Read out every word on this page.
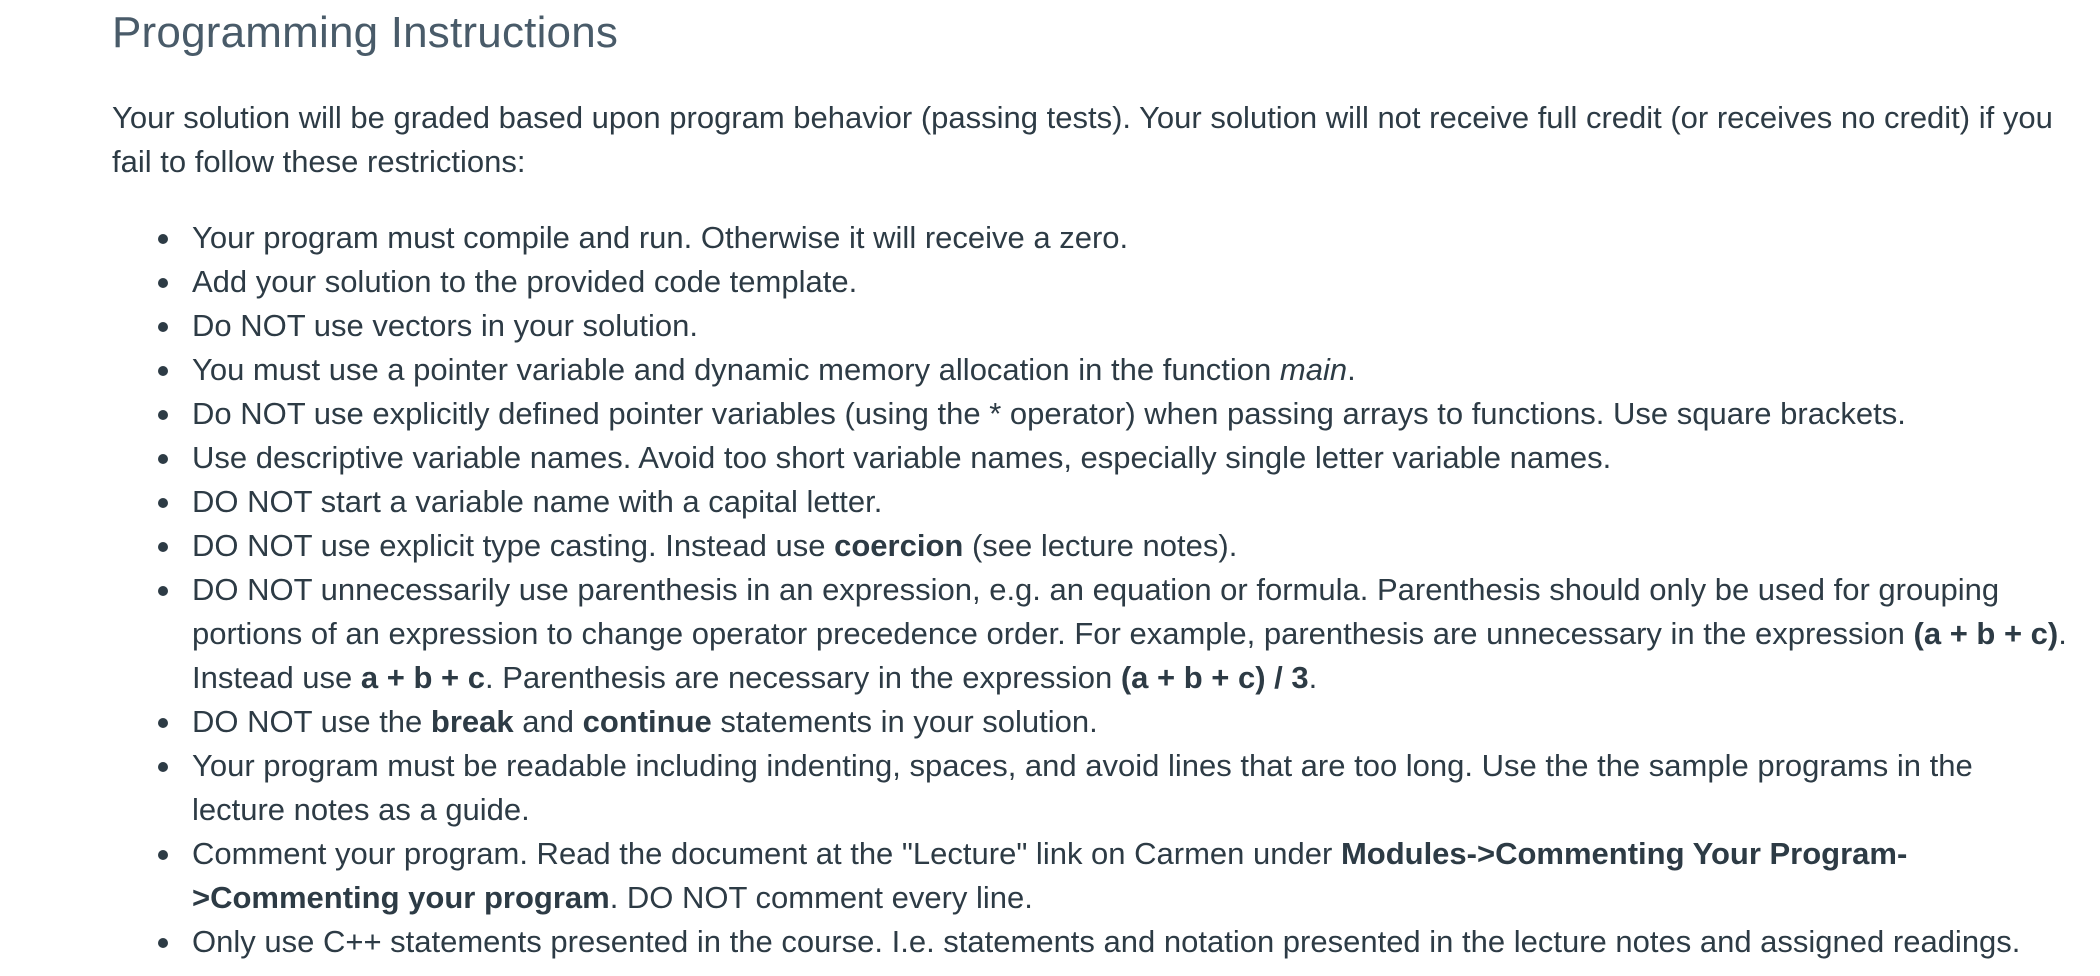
Programming Instructions

Your solution will be graded based upon program behavior (passing tests). Your solution will not receive full credit (or receives no credit) if you fail to follow these restrictions:

Your program must compile and run. Otherwise it will receive a zero.
Add your solution to the provided code template.
Do NOT use vectors in your solution.
You must use a pointer variable and dynamic memory allocation in the function main.
Do NOT use explicitly defined pointer variables (using the * operator) when passing arrays to functions. Use square brackets.
Use descriptive variable names. Avoid too short variable names, especially single letter variable names.
DO NOT start a variable name with a capital letter.
DO NOT use explicit type casting. Instead use coercion (see lecture notes).
DO NOT unnecessarily use parenthesis in an expression, e.g. an equation or formula. Parenthesis should only be used for grouping portions of an expression to change operator precedence order. For example, parenthesis are unnecessary in the expression (a + b + c). Instead use a + b + c. Parenthesis are necessary in the expression (a + b + c) / 3.
DO NOT use the break and continue statements in your solution.
Your program must be readable including indenting, spaces, and avoid lines that are too long. Use the the sample programs in the lecture notes as a guide.
Comment your program. Read the document at the "Lecture" link on Carmen under Modules->Commenting Your Program->Commenting your program. DO NOT comment every line.
Only use C++ statements presented in the course. I.e. statements and notation presented in the lecture notes and assigned readings.
